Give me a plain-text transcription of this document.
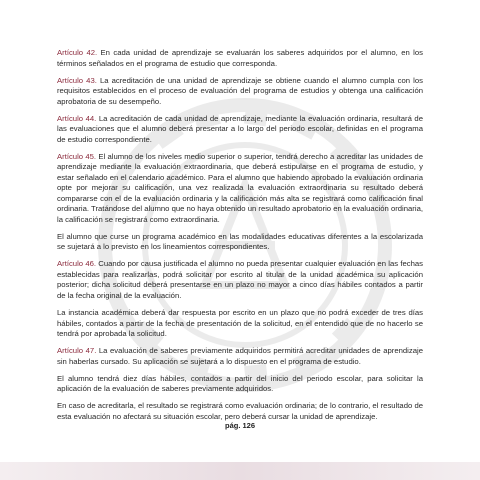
Artículo 42. En cada unidad de aprendizaje se evaluarán los saberes adquiridos por el alumno, en los términos señalados en el programa de estudio que corresponda.

Artículo 43. La acreditación de una unidad de aprendizaje se obtiene cuando el alumno cumpla con los requisitos establecidos en el proceso de evaluación del programa de estudios y obtenga una calificación aprobatoria de su desempeño.

Artículo 44. La acreditación de cada unidad de aprendizaje, mediante la evaluación ordinaria, resultará de las evaluaciones que el alumno deberá presentar a lo largo del periodo escolar, definidas en el programa de estudio correspondiente.

Artículo 45. El alumno de los niveles medio superior o superior, tendrá derecho a acreditar las unidades de aprendizaje mediante la evaluación extraordinaria, que deberá estipularse en el programa de estudio, y estar señalado en el calendario académico. Para el alumno que habiendo aprobado la evaluación ordinaria opte por mejorar su calificación, una vez realizada la evaluación extraordinaria su resultado deberá compararse con el de la evaluación ordinaria y la calificación más alta se registrará como calificación final ordinaria. Tratándose del alumno que no haya obtenido un resultado aprobatorio en la evaluación ordinaria, la calificación se registrará como extraordinaria.

El alumno que curse un programa académico en las modalidades educativas diferentes a la escolarizada se sujetará a lo previsto en los lineamientos correspondientes.

Artículo 46. Cuando por causa justificada el alumno no pueda presentar cualquier evaluación en las fechas establecidas para realizarlas, podrá solicitar por escrito al titular de la unidad académica su aplicación posterior; dicha solicitud deberá presentarse en un plazo no mayor a cinco días hábiles contados a partir de la fecha original de la evaluación.

La instancia académica deberá dar respuesta por escrito en un plazo que no podrá exceder de tres días hábiles, contados a partir de la fecha de presentación de la solicitud, en el entendido que de no hacerlo se tendrá por aprobada la solicitud.

Artículo 47. La evaluación de saberes previamente adquiridos permitirá acreditar unidades de aprendizaje sin haberlas cursado. Su aplicación se sujetará a lo dispuesto en el programa de estudio.

El alumno tendrá diez días hábiles, contados a partir del inicio del periodo escolar, para solicitar la aplicación de la evaluación de saberes previamente adquiridos.

En caso de acreditarla, el resultado se registrará como evaluación ordinaria; de lo contrario, el resultado de esta evaluación no afectará su situación escolar, pero deberá cursar la unidad de aprendizaje.

pág. 126
